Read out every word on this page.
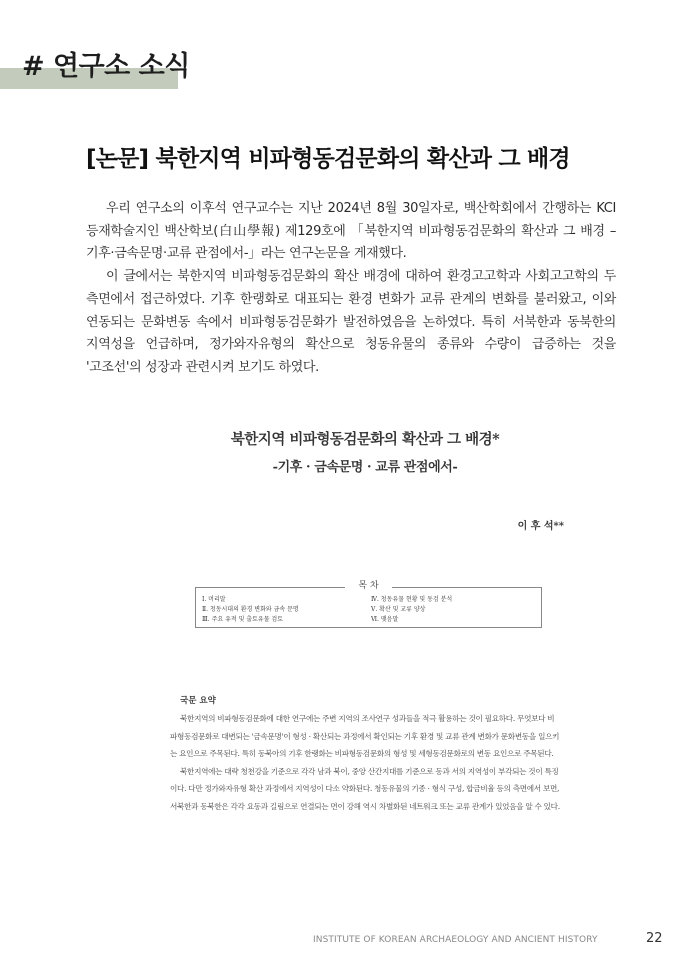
# 연구소 소식
[논문] 북한지역 비파형동검문화의 확산과 그 배경

우리 연구소의 이후석 연구교수는 지난 2024년 8월 30일자로, 백산학회에서 간행하는 KCI 등재학술지인 백산학보(白山學報) 제129호에 「북한지역 비파형동검문화의 확산과 그 배경 –기후·금속문명·교류 관점에서-」라는 연구논문을 게재했다.

이 글에서는 북한지역 비파형동검문화의 확산 배경에 대하여 환경고고학과 사회고고학의 두 측면에서 접근하였다. 기후 한랭화로 대표되는 환경 변화가 교류 관계의 변화를 불러왔고, 이와 연동되는 문화변동 속에서 비파형동검문화가 발전하였음을 논하였다. 특히 서북한과 동북한의 지역성을 언급하며, 정가와자유형의 확산으로 청동유물의 종류와 수량이 급증하는 것을 '고조선'의 성장과 관련시켜 보기도 하였다.

북한지역 비파형동검문화의 확산과 그 배경*
-기후 · 금속문명 · 교류 관점에서-
이 후 석**
목 차
Ⅰ. 머리말
Ⅱ. 청동시대의 환경 변화와 금속 문명
Ⅲ. 주요 유적 및 출토유물 검토
Ⅳ. 청동유물 현황 및 동검 분석
Ⅴ. 확산 및 교류 양상
Ⅵ. 맺음말
국문 요약

북한지역의 비파형동검문화에 대한 연구에는 주변 지역의 조사연구 성과들을 적극 활용하는 것이 필요하다. 무엇보다 비파형동검문화로 대변되는 '금속문명'이 형성 · 확산되는 과정에서 확인되는 기후 환경 및 교류 관계 변화가 문화변동을 일으키는 요인으로 주목된다. 특히 동북아의 기후 한랭화는 비파형동검문화의 형성 및 세형동검문화로의 변동 요인으로 주목된다.

북한지역에는 대략 청천강을 기준으로 각각 남과 북이, 중앙 산간지대를 기준으로 동과 서의 지역성이 부각되는 것이 특징이다. 다만 정가와자유형 확산 과정에서 지역성이 다소 약화된다. 청동유물의 기종 · 형식 구성, 합금비율 등의 측면에서 보면, 서북한과 동북한은 각각 요동과 길림으로 연결되는 면이 강해 역시 차별화된 네트워크 또는 교류 관계가 있었음을 알 수 있다.

INSTITUTE OF KOREAN ARCHAEOLOGY AND ANCIENT HISTORY	22
